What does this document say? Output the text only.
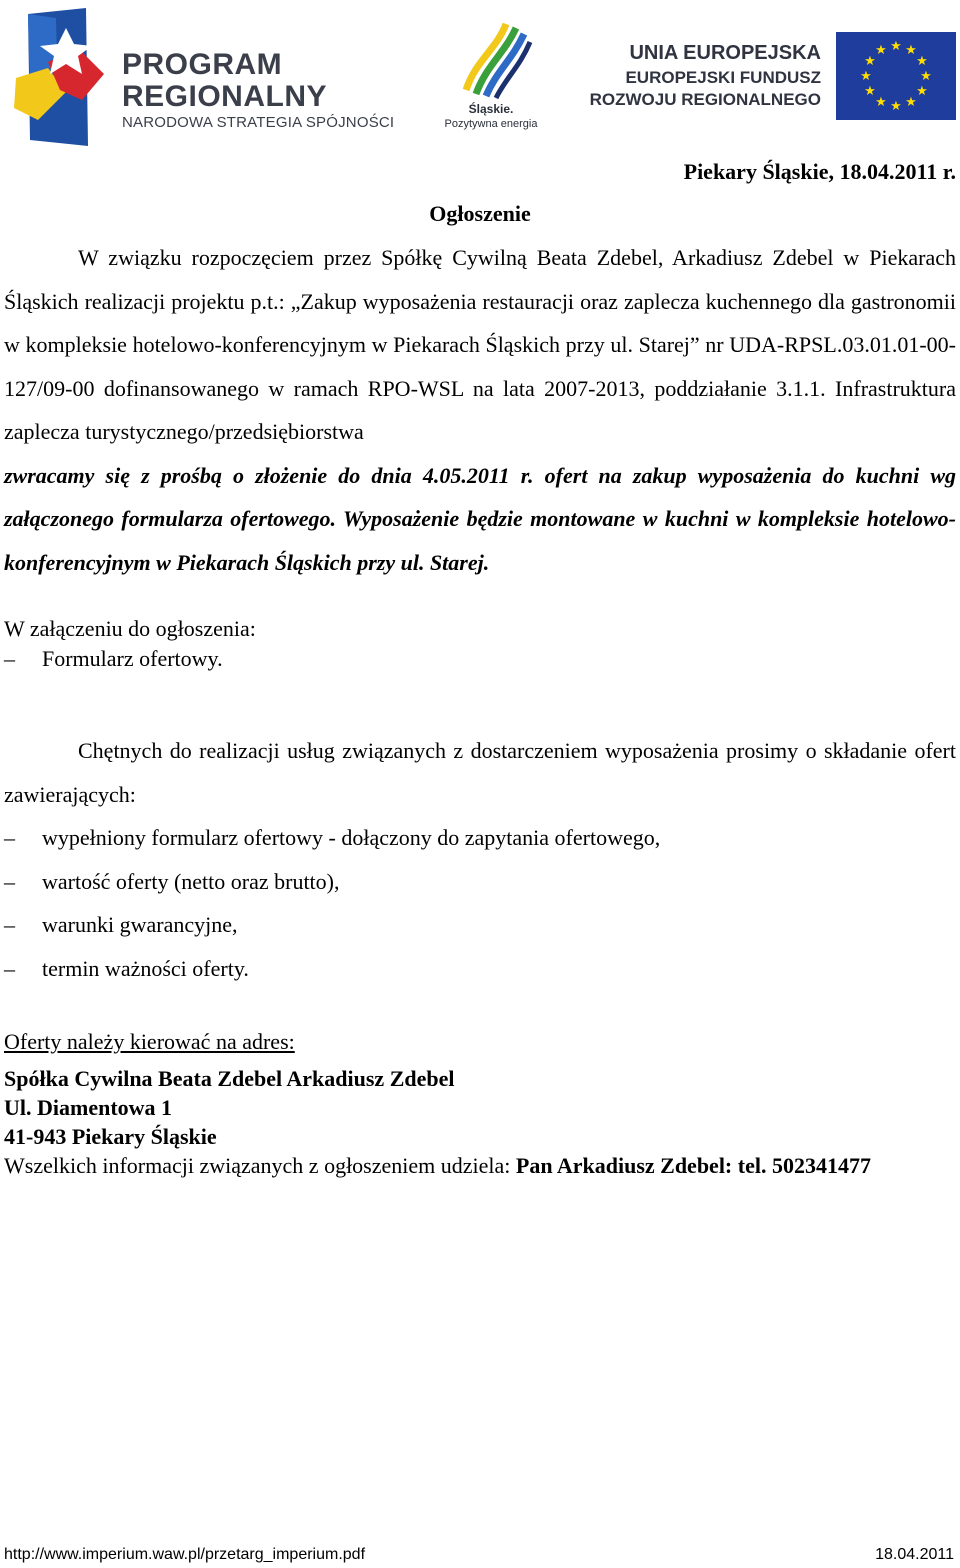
PROGRAM
REGIONALNY
NARODOWA STRATEGIA SPÓJNOŚCI
Śląskie.
Pozytywna energia
UNIA EUROPEJSKA
EUROPEJSKI FUNDUSZ
ROZWOJU REGIONALNEGO
★ ★
★
★
★
★
★
★
★
★
★
★
Piekary Śląskie, 18.04.2011 r.
Ogłoszenie
W związku rozpoczęciem przez Spółkę Cywilną Beata Zdebel, Arkadiusz Zdebel w Piekarach Śląskich realizacji projektu p.t.: „Zakup wyposażenia restauracji oraz zaplecza kuchennego dla gastronomii w kompleksie hotelowo-konferencyjnym w Piekarach Śląskich przy ul. Starej” nr UDA-RPSL.03.01.01-00-127/09-00 dofinansowanego w ramach RPO-WSL na lata 2007-2013, poddziałanie 3.1.1. Infrastruktura zaplecza turystycznego/przedsiębiorstwa
zwracamy się z prośbą o złożenie do dnia 4.05.2011 r. ofert na zakup wyposażenia do kuchni wg załączonego formularza ofertowego. Wyposażenie będzie montowane w kuchni w kompleksie hotelowo-konferencyjnym w Piekarach Śląskich przy ul. Starej.
W załączeniu do ogłoszenia:
–	Formularz ofertowy.
Chętnych do realizacji usług związanych z dostarczeniem wyposażenia prosimy o składanie ofert zawierających:
–	wypełniony formularz ofertowy - dołączony do zapytania ofertowego,
–	wartość oferty (netto oraz brutto),
–	warunki gwarancyjne,
–	termin ważności oferty.
Oferty należy kierować na adres:
Spółka Cywilna Beata Zdebel Arkadiusz Zdebel
Ul. Diamentowa 1
41-943 Piekary Śląskie
Wszelkich informacji związanych z ogłoszeniem udziela: Pan Arkadiusz Zdebel: tel. 502341477
http://www.imperium.waw.pl/przetarg_imperium.pdf	18.04.2011
